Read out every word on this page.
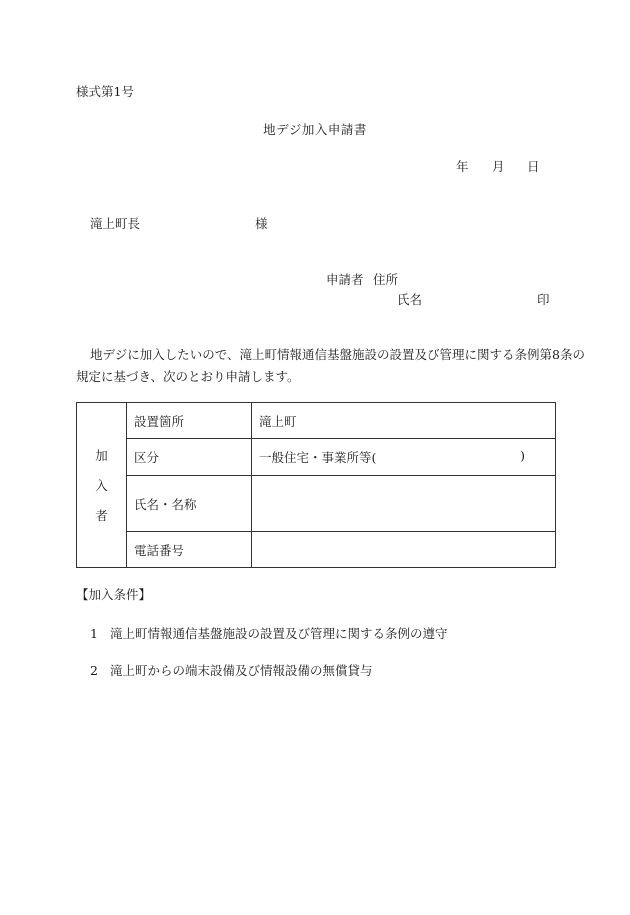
様式第1号
地デジ加入申請書
年 月 日
滝上町長	様
申請者 住所
氏名	印
地デジに加入したいので、滝上町情報通信基盤施設の設置及び管理に関する条例第8条の
規定に基づき、次のとおり申請します。
加
入
者	設置箇所	滝上町
	区分	一般住宅・事業所等( )

	氏名・名称	
	電話番号	
【加入条件】
1 滝上町情報通信基盤施設の設置及び管理に関する条例の遵守
2 滝上町からの端末設備及び情報設備の無償貸与
